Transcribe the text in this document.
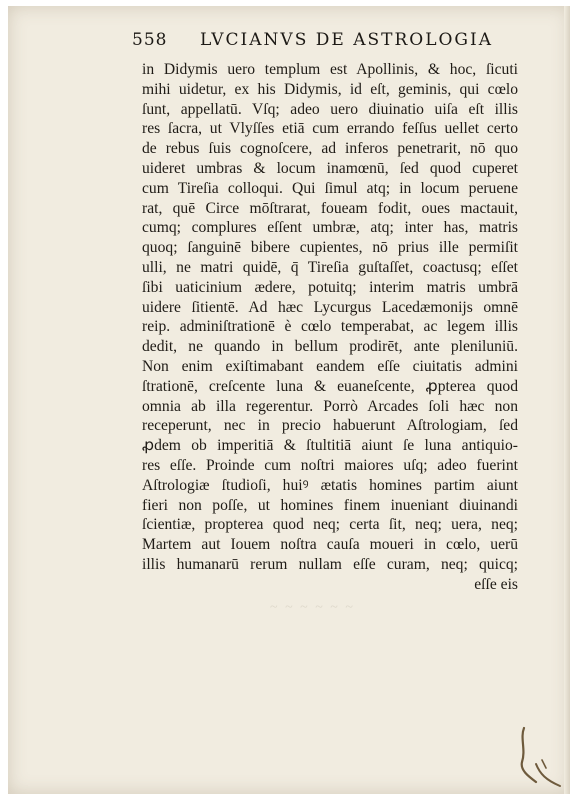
558 LVCIANVS DE ASTROLOGIA
in Didymis uero templum est Apollinis, & hoc, ſicuti
mihi uidetur, ex his Didymis, id eſt, geminis, qui cœlo
ſunt, appellatū. Vſq; adeo uero diuinatio uiſa eſt illis
res ſacra, ut Vlyſſes etiā cum errando feſſus uellet certo
de rebus ſuis cognoſcere, ad inferos penetrarit, nō quo
uideret umbras & locum inamœnū, ſed quod cuperet
cum Tireſia colloqui. Qui ſimul atq; in locum peruene
rat, quē Circe mōſtrarat, foueam fodit, oues mactauit,
cumq; complures eſſent umbræ, atq; inter has, matris
quoq; ſanguinē bibere cupientes, nō prius ille permiſit
ulli, ne matri quidē, q̄ Tireſia guſtaſſet, coactusq; eſſet
ſibi uaticinium ædere, potuitq; interim matris umbrā
uidere ſitientē. Ad hæc Lycurgus Lacedæmonijs omnē
reip. adminiſtrationē è cœlo temperabat, ac legem illis
dedit, ne quando in bellum prodirēt, ante pleniluniū.
Non enim exiſtimabant eandem eſſe ciuitatis admini
ſtrationē, creſcente luna & euaneſcente, ꝓpterea quod
omnia ab illa regerentur. Porrò Arcades ſoli hæc non
receperunt, nec in precio habuerunt Aſtrologiam, ſed
ꝓdem ob imperitiā & ſtultitiā aiunt ſe luna antiquio-
res eſſe. Proinde cum noſtri maiores uſq; adeo fuerint
Aſtrologiæ ſtudioſi, huiꝰ ætatis homines partim aiunt
fieri non poſſe, ut homines finem inueniant diuinandi
ſcientiæ, propterea quod neq; certa ſit, neq; uera, neq;
Martem aut Iouem noſtra cauſa moueri in cœlo, uerū
illis humanarū rerum nullam eſſe curam, neq; quicq;
eſſe eis
~ ~ ~ ~ ~ ~
